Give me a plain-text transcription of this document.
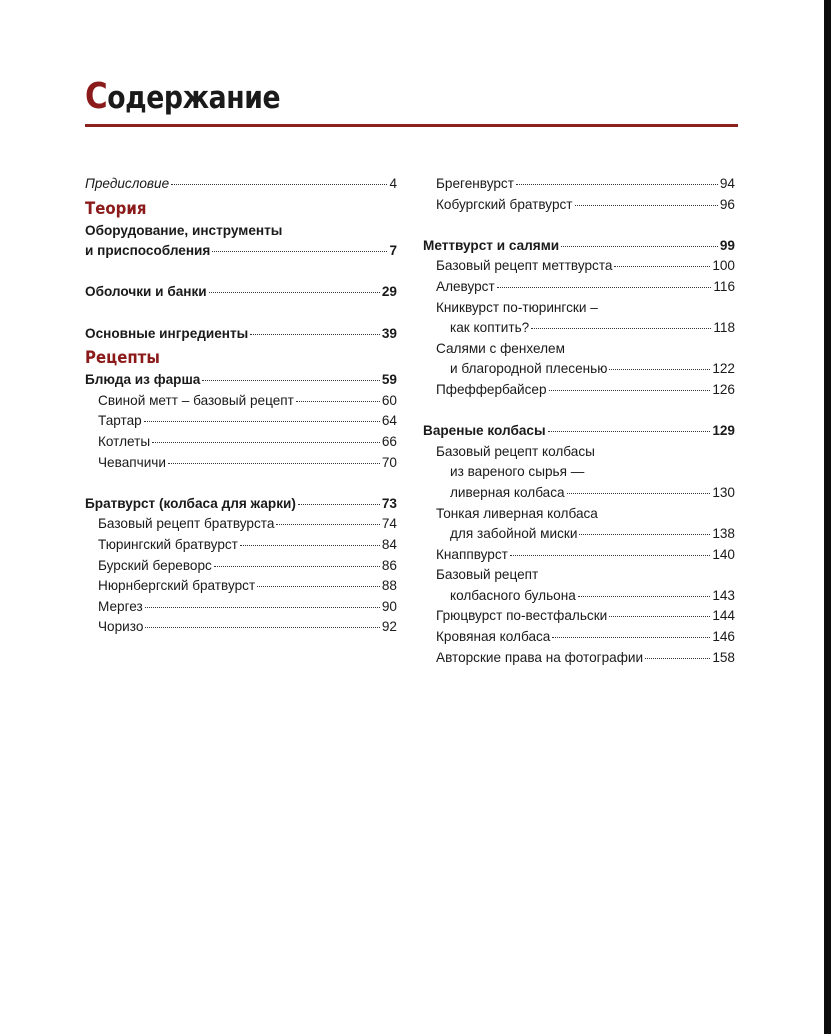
Содержание
Предисловие	4
Теория
Оборудование, инструменты
и приспособления	7
Оболочки и банки	29
Основные ингредиенты	39
Рецепты
Блюда из фарша	59
Свиной метт – базовый рецепт	60
Тартар	64
Котлеты	66
Чевапчичи	70
Братвурст (колбаса для жарки)	73
Базовый рецепт братвурста	74
Тюрингский братвурст	84
Бурский береворс	86
Нюрнбергский братвурст	88
Мергез	90
Чоризо	92
Брегенвурст	94
Кобургский братвурст	96
Меттвурст и салями	99
Базовый рецепт меттвурста	100
Алевурст	116
Книквурст по-тюрингски –
как коптить?	118
Салями с фенхелем
и благородной плесенью	122
Пфеффербайсер	126
Вареные колбасы	129
Базовый рецепт колбасы
из вареного сырья —
ливерная колбаса	130
Тонкая ливерная колбаса
для забойной миски	138
Кнаппвурст	140
Базовый рецепт
колбасного бульона	143
Грюцвурст по-вестфальски	144
Кровяная колбаса	146
Авторские права на фотографии	158
